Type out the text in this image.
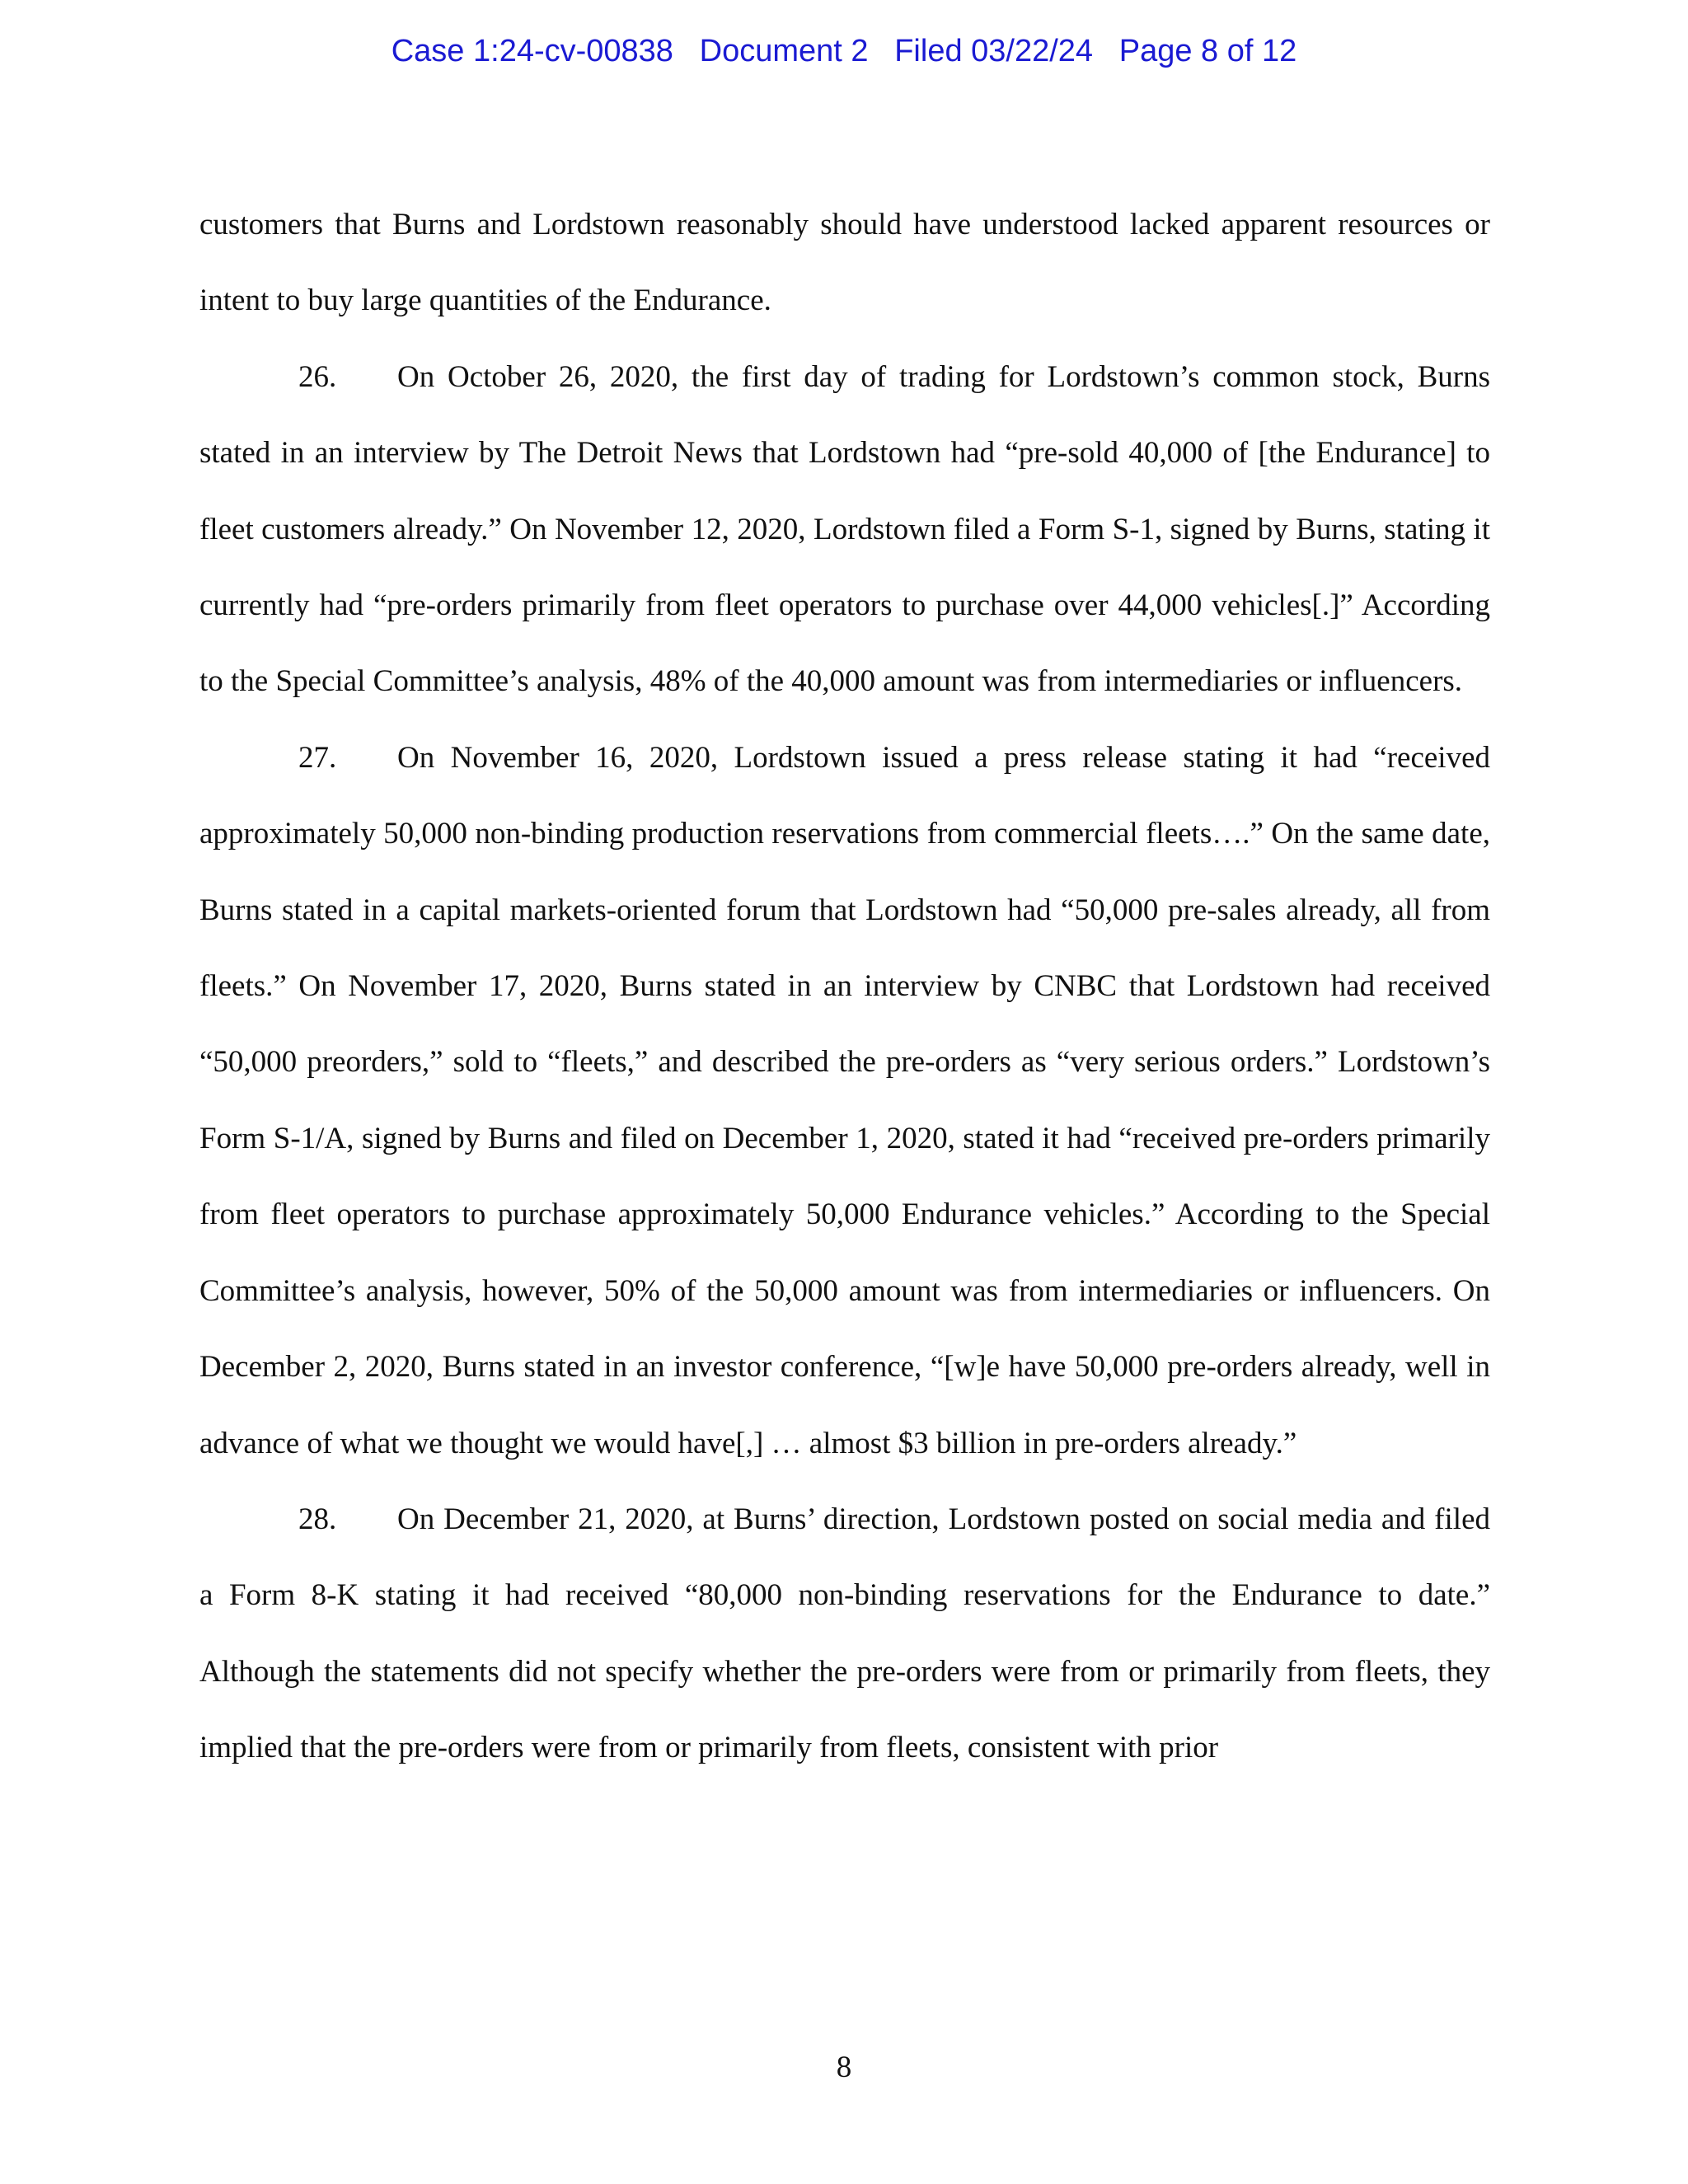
Case 1:24-cv-00838 Document 2 Filed 03/22/24 Page 8 of 12

customers that Burns and Lordstown reasonably should have understood lacked apparent resources or intent to buy large quantities of the Endurance.

26. On October 26, 2020, the first day of trading for Lordstown’s common stock, Burns stated in an interview by The Detroit News that Lordstown had “pre-sold 40,000 of [the Endurance] to fleet customers already.” On November 12, 2020, Lordstown filed a Form S-1, signed by Burns, stating it currently had “pre-orders primarily from fleet operators to purchase over 44,000 vehicles[.]” According to the Special Committee’s analysis, 48% of the 40,000 amount was from intermediaries or influencers.

27. On November 16, 2020, Lordstown issued a press release stating it had “received approximately 50,000 non-binding production reservations from commercial fleets….” On the same date, Burns stated in a capital markets-oriented forum that Lordstown had “50,000 pre-sales already, all from fleets.” On November 17, 2020, Burns stated in an interview by CNBC that Lordstown had received “50,000 preorders,” sold to “fleets,” and described the pre-orders as “very serious orders.” Lordstown’s Form S-1/A, signed by Burns and filed on December 1, 2020, stated it had “received pre-orders primarily from fleet operators to purchase approximately 50,000 Endurance vehicles.” According to the Special Committee’s analysis, however, 50% of the 50,000 amount was from intermediaries or influencers. On December 2, 2020, Burns stated in an investor conference, “[w]e have 50,000 pre-orders already, well in advance of what we thought we would have[,] … almost $3 billion in pre-orders already.”

28. On December 21, 2020, at Burns’ direction, Lordstown posted on social media and filed a Form 8-K stating it had received “80,000 non-binding reservations for the Endurance to date.” Although the statements did not specify whether the pre-orders were from or primarily from fleets, they implied that the pre-orders were from or primarily from fleets, consistent with prior

8
